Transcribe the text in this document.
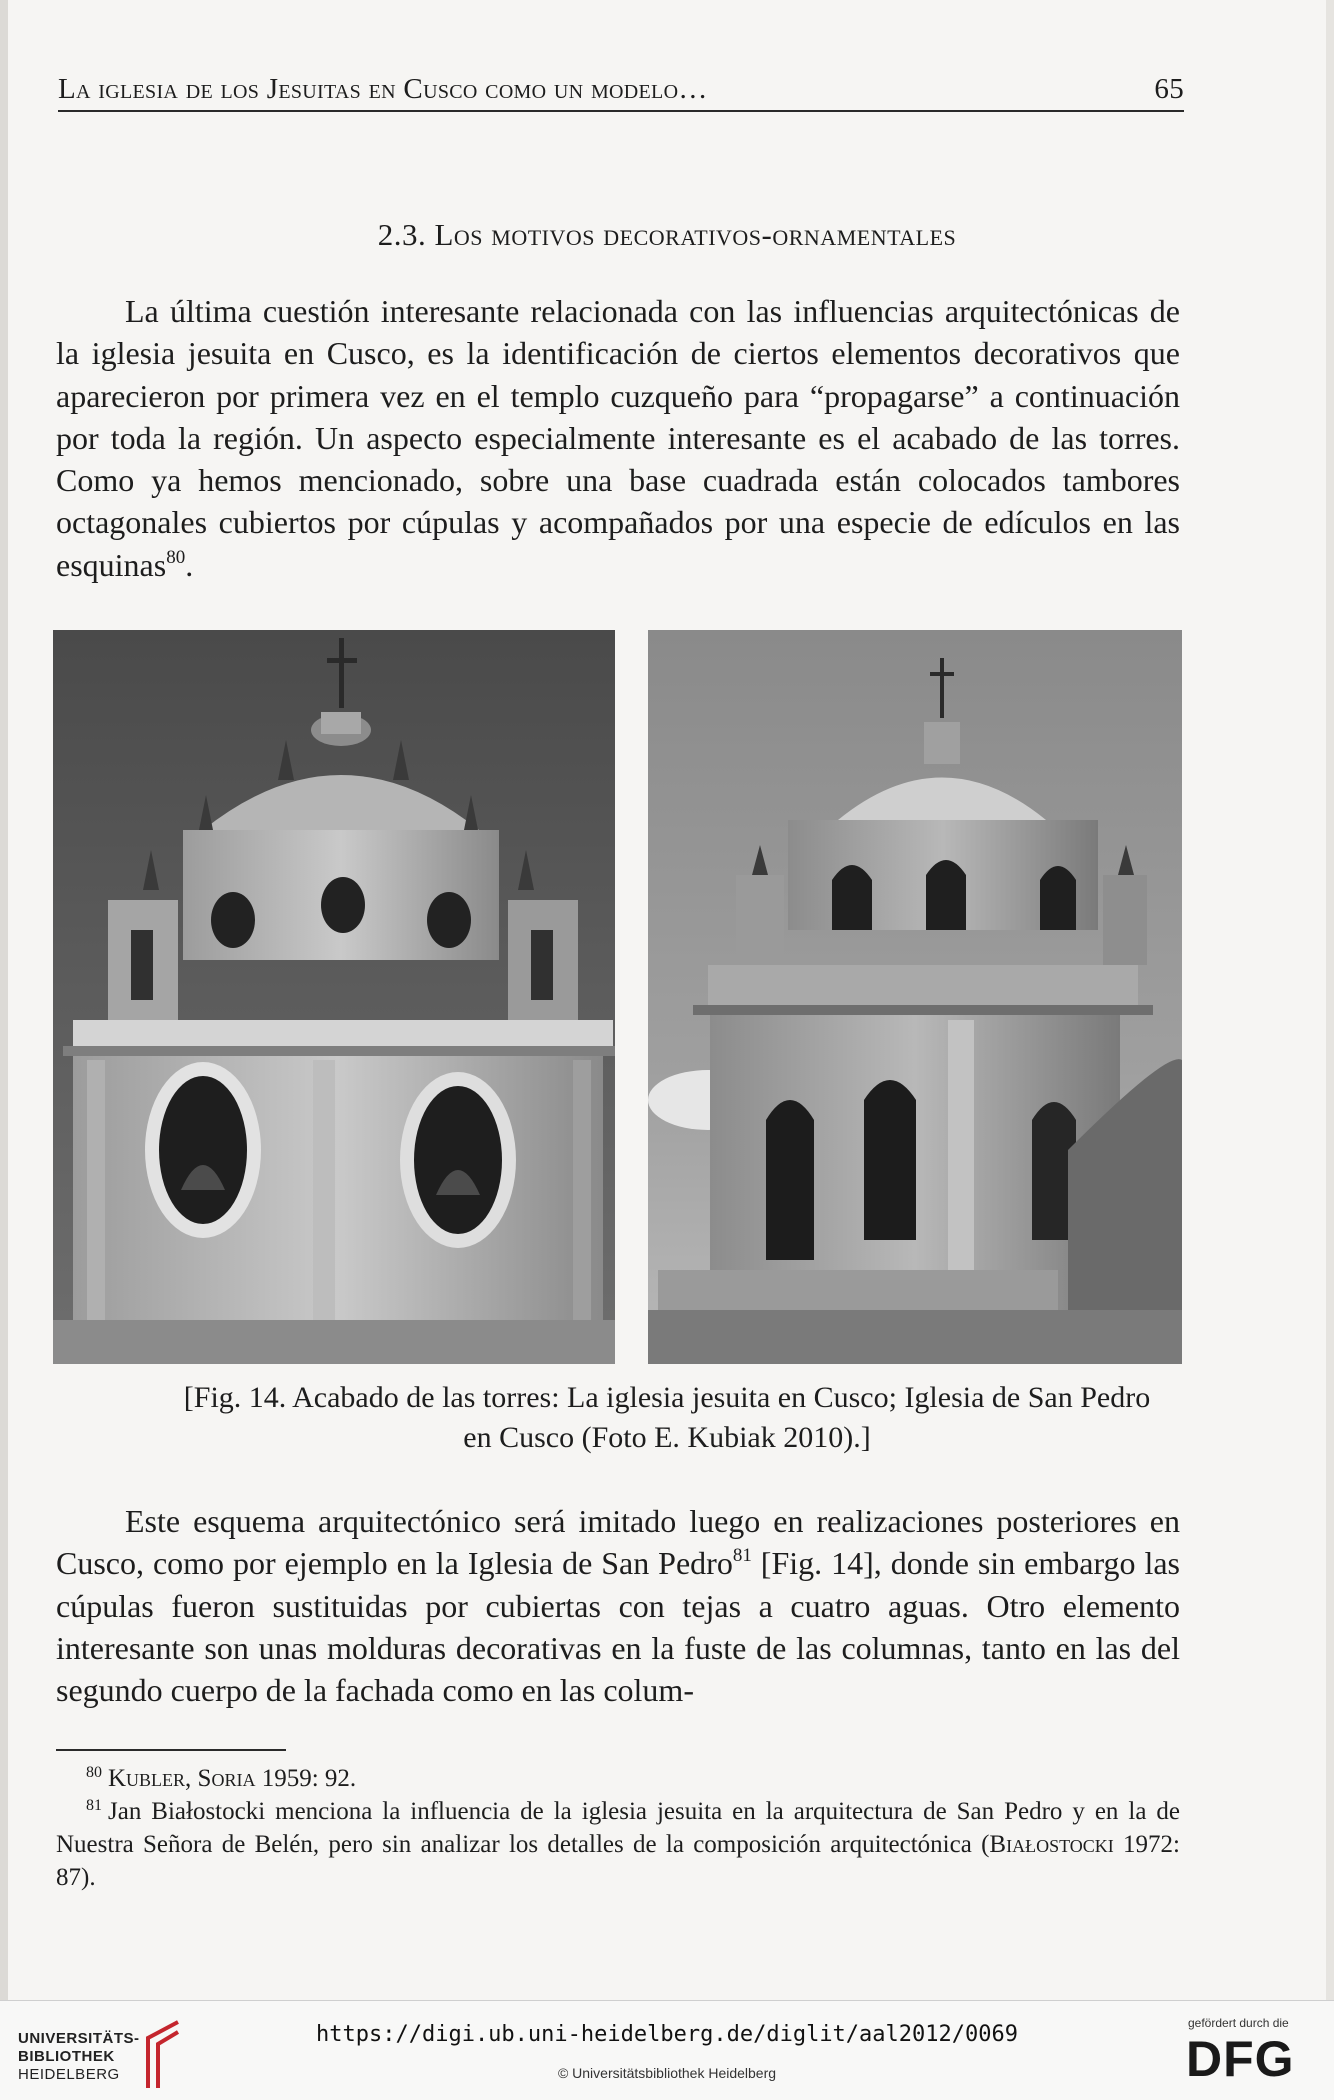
La iglesia de los Jesuitas en Cusco como un modelo…	65
2.3. Los motivos decorativos-ornamentales

La última cuestión interesante relacionada con las influencias arquitectónicas de la iglesia jesuita en Cusco, es la identificación de ciertos elementos decorativos que aparecieron por primera vez en el templo cuzqueño para “propagarse” a continuación por toda la región. Un aspecto especialmente interesante es el acabado de las torres. Como ya hemos mencionado, sobre una base cuadrada están colocados tambores octagonales cubiertos por cúpulas y acompañados por una especie de edículos en las esquinas$^{80}$.

[Fig. 14. Acabado de las torres: La iglesia jesuita en Cusco; Iglesia de San Pedro
en Cusco (Foto E. Kubiak 2010).]

Este esquema arquitectónico será imitado luego en realizaciones posteriores en Cusco, como por ejemplo en la Iglesia de San Pedro$^{81}$ [Fig. 14], donde sin embargo las cúpulas fueron sustituidas por cubiertas con tejas a cuatro aguas. Otro elemento interesante son unas molduras decorativas en la fuste de las columnas, tanto en las del segundo cuerpo de la fachada como en las colum-

$^{80}$ Kubler, Soria 1959: 92.

$^{81}$ Jan Białostocki menciona la influencia de la iglesia jesuita en la arquitectura de San Pedro y en la de Nuestra Señora de Belén, pero sin analizar los detalles de la composición arquitectónica (Białostocki 1972: 87).

UNIVERSITÄTS-
BIBLIOTHEK
HEIDELBERG
https://digi.ub.uni-heidelberg.de/diglit/aal2012/0069
© Universitätsbibliothek Heidelberg
gefördert durch die
DFG
